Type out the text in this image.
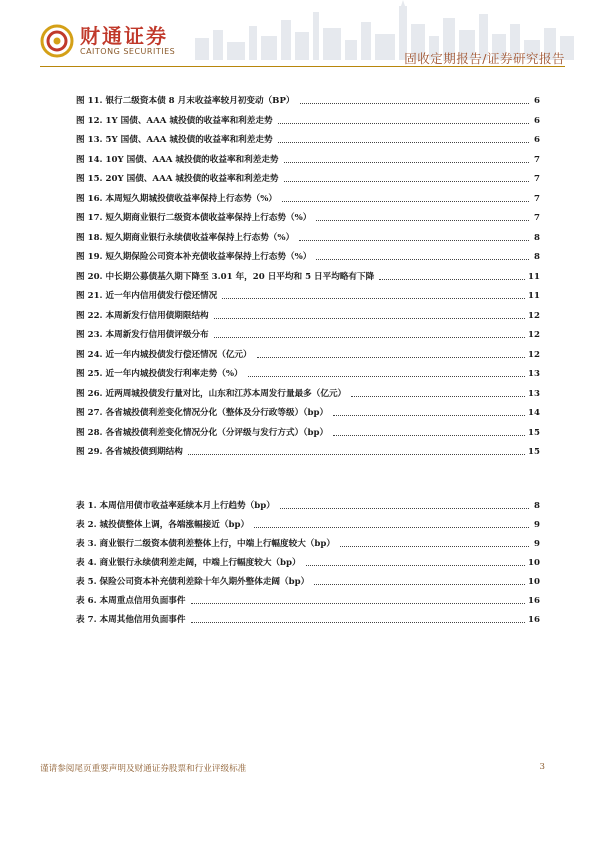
财通证券
CAITONG SECURITIES	固收定期报告/证券研究报告
图 11. 银行二级资本债 8 月末收益率较月初变动（BP）	6
图 12. 1Y 国债、AAA 城投债的收益率和利差走势	6
图 13. 5Y 国债、AAA 城投债的收益率和利差走势	6
图 14. 10Y 国债、AAA 城投债的收益率和利差走势	7
图 15. 20Y 国债、AAA 城投债的收益率和利差走势	7
图 16. 本周短久期城投债收益率保持上行态势（%）	7
图 17. 短久期商业银行二级资本债收益率保持上行态势（%）	7
图 18. 短久期商业银行永续债收益率保持上行态势（%）	8
图 19. 短久期保险公司资本补充债收益率保持上行态势（%）	8
图 20. 中长期公募债基久期下降至 3.01 年，20 日平均和 5 日平均略有下降	11
图 21. 近一年内信用债发行偿还情况	11
图 22. 本周新发行信用债期限结构	12
图 23. 本周新发行信用债评级分布	12
图 24. 近一年内城投债发行偿还情况（亿元）	12
图 25. 近一年内城投债发行利率走势（%）	13
图 26. 近两周城投债发行量对比，山东和江苏本周发行量最多（亿元）	13
图 27. 各省城投债利差变化情况分化（整体及分行政等级）（bp）	14
图 28. 各省城投债利差变化情况分化（分评级与发行方式）（bp）	15
图 29. 各省城投债到期结构	15
表 1. 本周信用债市收益率延续本月上行趋势（bp）	8
表 2. 城投债整体上调，各端涨幅接近（bp）	9
表 3. 商业银行二级资本债利差整体上行，中端上行幅度较大（bp）	9
表 4. 商业银行永续债利差走阔，中端上行幅度较大（bp）	10
表 5. 保险公司资本补充债利差除十年久期外整体走阔（bp）	10
表 6. 本周重点信用负面事件	16
表 7. 本周其他信用负面事件	16
谨请参阅尾页重要声明及财通证券股票和行业评级标准	3
